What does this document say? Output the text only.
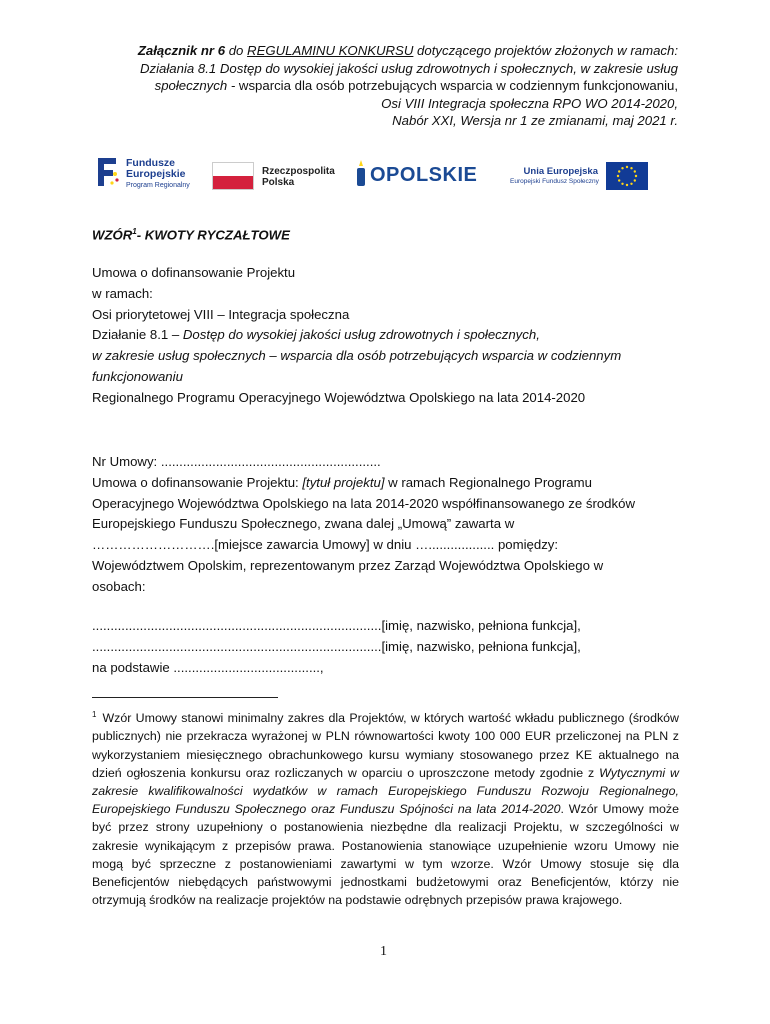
Załącznik nr 6 do REGULAMINU KONKURSU dotyczącego projektów złożonych w ramach:
Działania 8.1 Dostęp do wysokiej jakości usług zdrowotnych i społecznych, w zakresie usług
społecznych - wsparcia dla osób potrzebujących wsparcia w codziennym funkcjonowaniu,
Osi VIII Integracja społeczna RPO WO 2014-2020,
Nabór XXI, Wersja nr 1 ze zmianami, maj 2021 r.
Fundusze
Europejskie
Program Regionalny
Rzeczpospolita
Polska	OPOLSKIE	Unia Europejska
Europejski Fundusz Społeczny
WZÓR$^1$- KWOTY RYCZAŁTOWE
Umowa o dofinansowanie Projektu
w ramach:
Osi priorytetowej VIII – Integracja społeczna
Działanie 8.1 – Dostęp do wysokiej jakości usług zdrowotnych i społecznych,
w zakresie usług społecznych – wsparcia dla osób potrzebujących wsparcia w codziennym
funkcjonowaniu
Regionalnego Programu Operacyjnego Województwa Opolskiego na lata 2014-2020
Nr Umowy: ............................................................
Umowa o dofinansowanie Projektu: [tytuł projektu] w ramach Regionalnego Programu
Operacyjnego Województwa Opolskiego na lata 2014-2020 współfinansowanego ze środków
Europejskiego Funduszu Społecznego, zwana dalej „Umową” zawarta w
……………………….[miejsce zawarcia Umowy] w dniu ….................. pomiędzy:
Województwem Opolskim, reprezentowanym przez Zarząd Województwa Opolskiego w
osobach:
...............................................................................[imię, nazwisko, pełniona funkcja],
...............................................................................[imię, nazwisko, pełniona funkcja],
na podstawie ........................................,
$^1$ Wzór Umowy stanowi minimalny zakres dla Projektów, w których wartość wkładu publicznego (środków publicznych) nie przekracza wyrażonej w PLN równowartości kwoty 100 000 EUR przeliczonej na PLN z wykorzystaniem miesięcznego obrachunkowego kursu wymiany stosowanego przez KE aktualnego na dzień ogłoszenia konkursu oraz rozliczanych w oparciu o uproszczone metody zgodnie z Wytycznymi w zakresie kwalifikowalności wydatków w ramach Europejskiego Funduszu Rozwoju Regionalnego, Europejskiego Funduszu Społecznego oraz Funduszu Spójności na lata 2014-2020. Wzór Umowy może być przez strony uzupełniony o postanowienia niezbędne dla realizacji Projektu, w szczególności w zakresie wynikającym z przepisów prawa. Postanowienia stanowiące uzupełnienie wzoru Umowy nie mogą być sprzeczne z postanowieniami zawartymi w tym wzorze. Wzór Umowy stosuje się dla Beneficjentów niebędących państwowymi jednostkami budżetowymi oraz Beneficjentów, którzy nie otrzymują środków na realizacje projektów na podstawie odrębnych przepisów prawa krajowego.
1
